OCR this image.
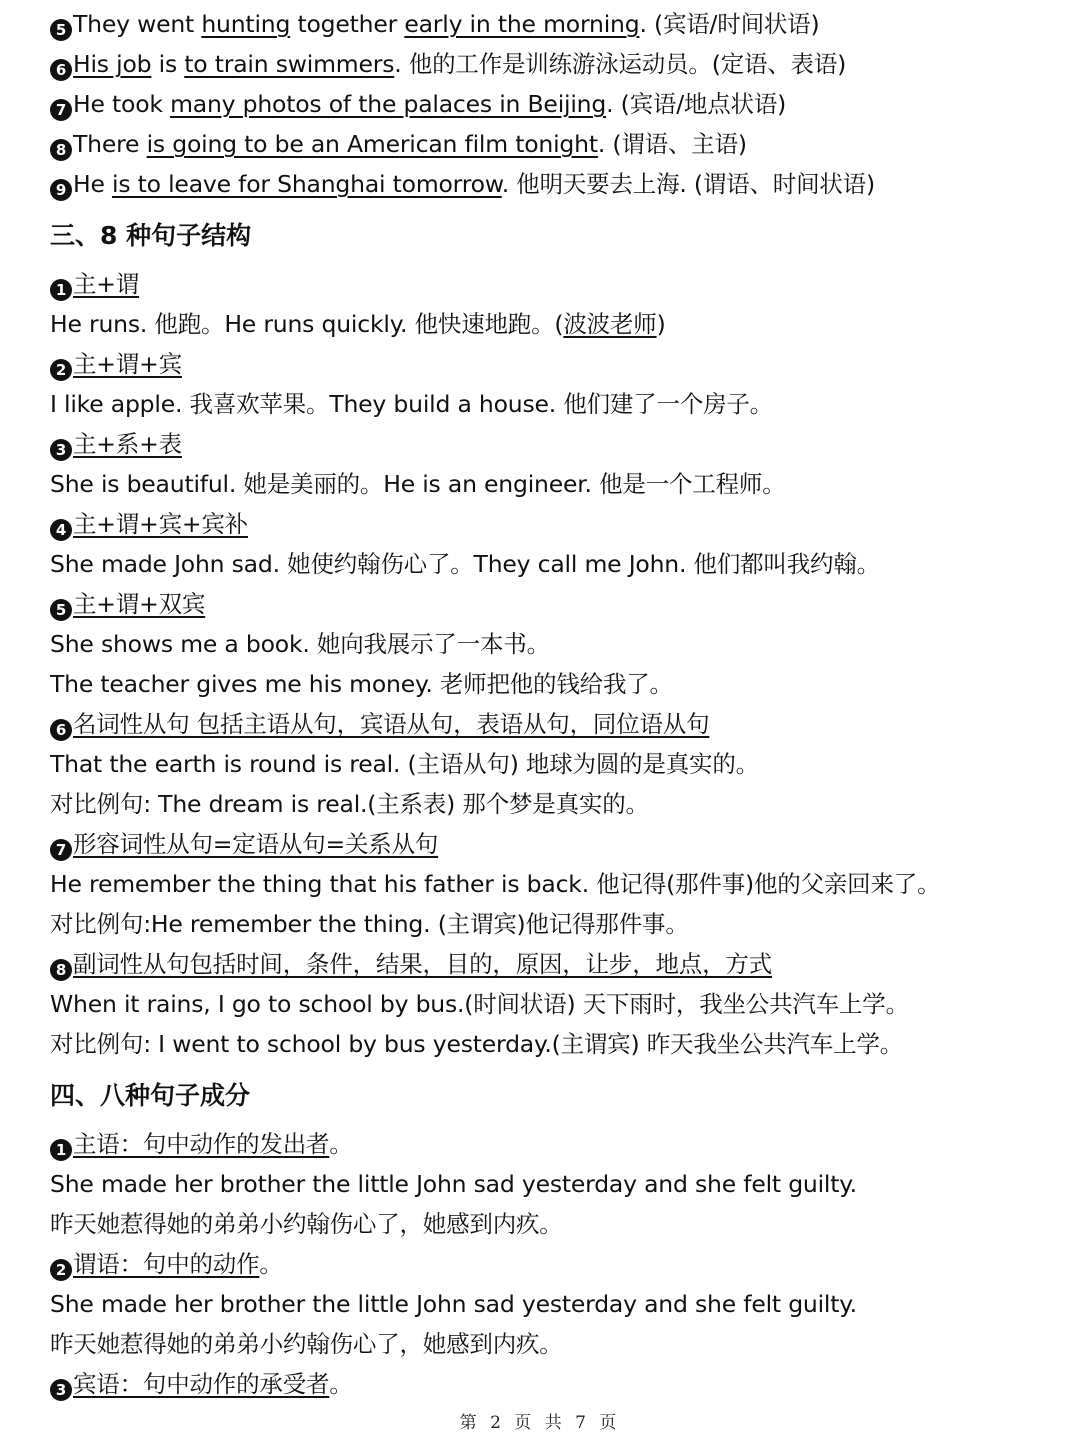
5 They went hunting together early in the morning. (宾语/时间状语)
6 His job is to train swimmers. 他的工作是训练游泳运动员。(定语、表语)
7 He took many photos of the palaces in Beijing. (宾语/地点状语)
8 There is going to be an American film tonight. (谓语、主语)
9 He is to leave for Shanghai tomorrow. 他明天要去上海. (谓语、时间状语)
三、8 种句子结构
1 主+谓
He runs. 他跑。He runs quickly. 他快速地跑。(波波老师)
2 主+谓+宾
I like apple. 我喜欢苹果。They build a house. 他们建了一个房子。
3 主+系+表
She is beautiful. 她是美丽的。He is an engineer. 他是一个工程师。
4 主+谓+宾+宾补
She made John sad. 她使约翰伤心了。They call me John. 他们都叫我约翰。
5 主+谓+双宾
She shows me a book. 她向我展示了一本书。
The teacher gives me his money. 老师把他的钱给我了。
6 名词性从句 包括主语从句，宾语从句，表语从句，同位语从句
That the earth is round is real. (主语从句) 地球为圆的是真实的。
对比例句: The dream is real.(主系表) 那个梦是真实的。
7 形容词性从句=定语从句=关系从句
He remember the thing that his father is back. 他记得(那件事)他的父亲回来了。
对比例句:He remember the thing. (主谓宾)他记得那件事。
8 副词性从句包括时间，条件，结果，目的，原因，让步，地点，方式
When it rains, I go to school by bus.(时间状语) 天下雨时，我坐公共汽车上学。
对比例句: I went to school by bus yesterday.(主谓宾) 昨天我坐公共汽车上学。
四、八种句子成分
1 主语：句中动作的发出者。
She made her brother the little John sad yesterday and she felt guilty.
昨天她惹得她的弟弟小约翰伤心了，她感到内疚。
2 谓语：句中的动作。
She made her brother the little John sad yesterday and she felt guilty.
昨天她惹得她的弟弟小约翰伤心了，她感到内疚。
3 宾语：句中动作的承受者。
第 2 页 共 7 页
